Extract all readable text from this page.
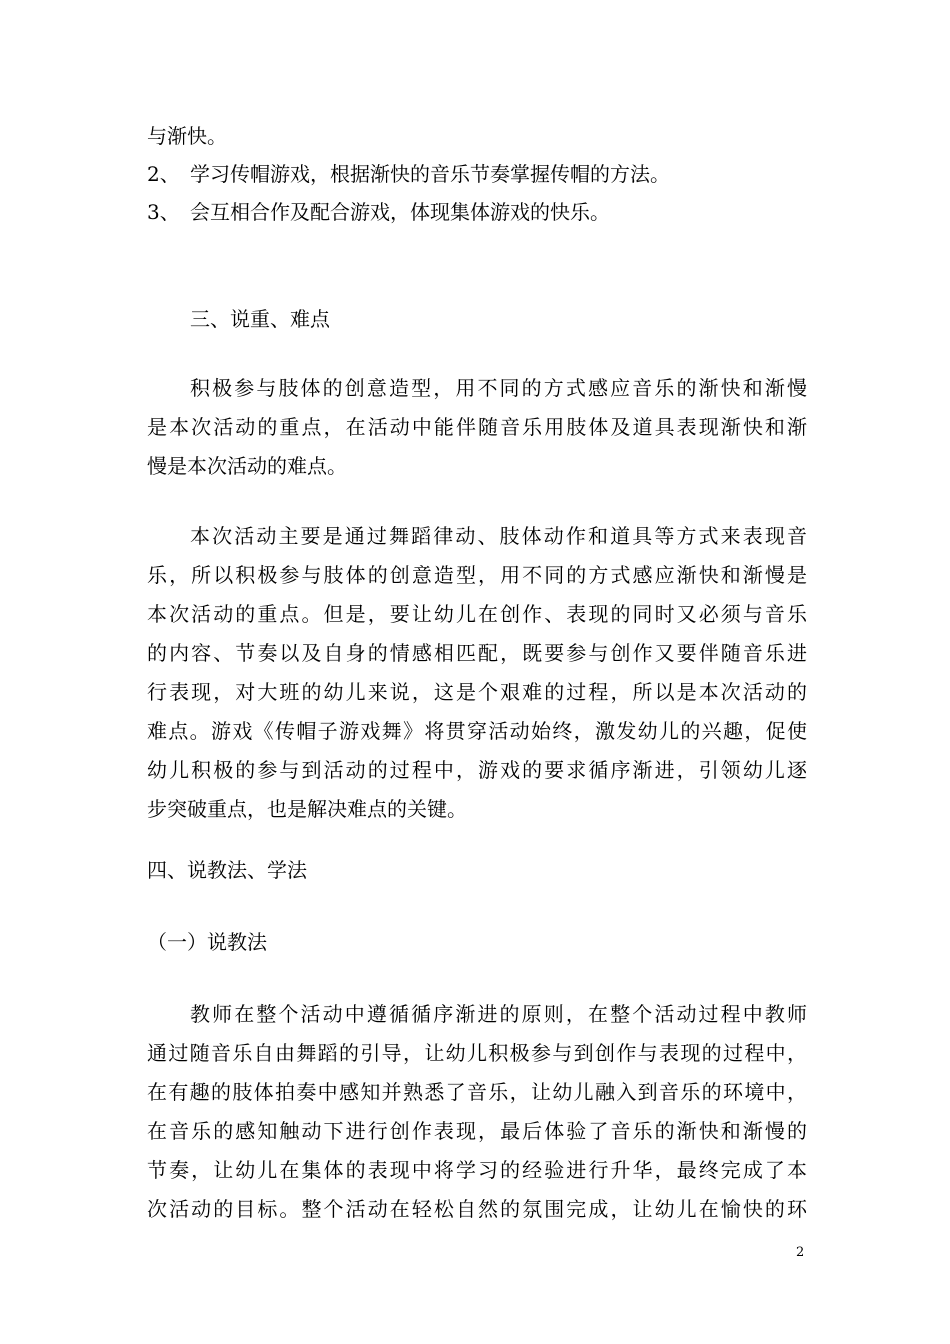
与渐快。
2、 学习传帽游戏，根据渐快的音乐节奏掌握传帽的方法。
3、 会互相合作及配合游戏，体现集体游戏的快乐。
三、说重、难点
积极参与肢体的创意造型，用不同的方式感应音乐的渐快和渐慢
是本次活动的重点，在活动中能伴随音乐用肢体及道具表现渐快和渐
慢是本次活动的难点。
本次活动主要是通过舞蹈律动、肢体动作和道具等方式来表现音
乐，所以积极参与肢体的创意造型，用不同的方式感应渐快和渐慢是
本次活动的重点。但是，要让幼儿在创作、表现的同时又必须与音乐
的内容、节奏以及自身的情感相匹配，既要参与创作又要伴随音乐进
行表现，对大班的幼儿来说，这是个艰难的过程，所以是本次活动的
难点。游戏《传帽子游戏舞》将贯穿活动始终，激发幼儿的兴趣，促使
幼儿积极的参与到活动的过程中，游戏的要求循序渐进，引领幼儿逐
步突破重点，也是解决难点的关键。
四、说教法、学法
（一）说教法
教师在整个活动中遵循循序渐进的原则，在整个活动过程中教师
通过随音乐自由舞蹈的引导，让幼儿积极参与到创作与表现的过程中，
在有趣的肢体拍奏中感知并熟悉了音乐，让幼儿融入到音乐的环境中，
在音乐的感知触动下进行创作表现，最后体验了音乐的渐快和渐慢的
节奏，让幼儿在集体的表现中将学习的经验进行升华，最终完成了本
次活动的目标。整个活动在轻松自然的氛围完成，让幼儿在愉快的环
2
